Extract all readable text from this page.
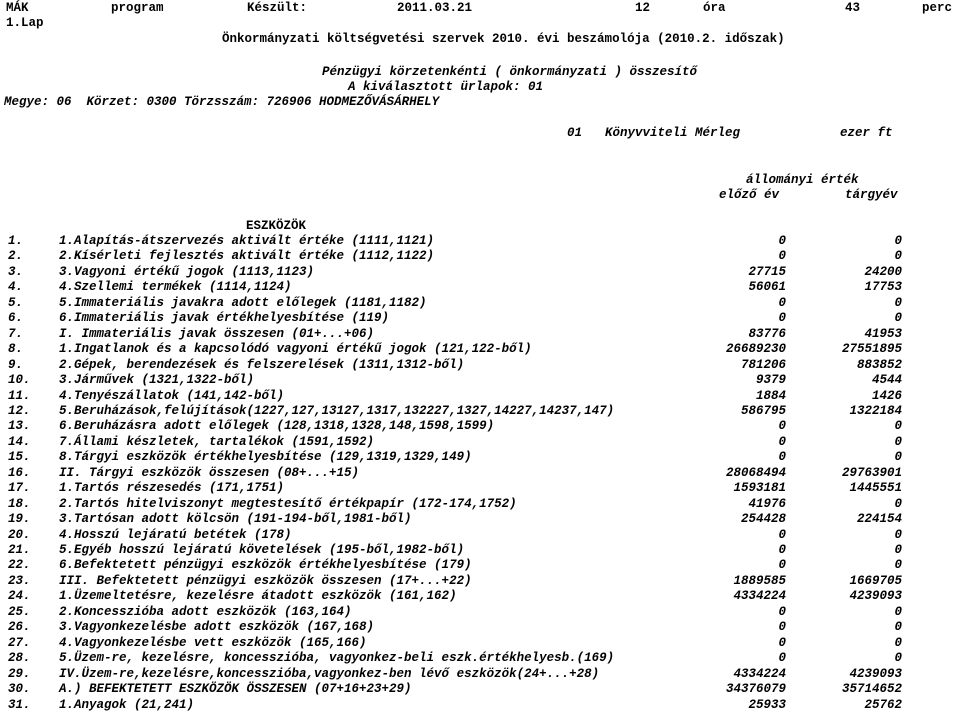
MÁK	program	Készült:	2011.03.21	12	óra	43	perc
1.Lap
Önkormányzati költségvetési szervek 2010. évi beszámolója (2010.2. időszak)
Pénzügyi körzetenkénti ( önkormányzati ) összesítő
A kiválasztott ürlapok: 01
Megye: 06  Körzet: 0300 Törzsszám: 726906 HODMEZŐVÁSÁRHELY
01 Könyvviteli Mérleg	ezer ft
állományi érték
előző év	tárgyév
ESZKÖZÖK
1.	1.Alapítás-átszervezés aktivált értéke (1111,1121)	0	0
2.	2.Kísérleti fejlesztés aktivált értéke (1112,1122)	0	0
3.	3.Vagyoni értékű jogok (1113,1123)	27715	24200
4.	4.Szellemi termékek (1114,1124)	56061	17753
5.	5.Immateriális javakra adott előlegek (1181,1182)	0	0
6.	6.Immateriális javak értékhelyesbítése (119)	0	0
7.	I. Immateriális javak összesen (01+...+06)	83776	41953
8.	1.Ingatlanok és a kapcsolódó vagyoni értékű jogok (121,122-ből)	26689230	27551895
9.	2.Gépek, berendezések és felszerelések (1311,1312-ből)	781206	883852
10. 3.Járművek (1321,1322-ből)	9379	4544
11. 4.Tenyészállatok (141,142-ből)	1884	1426
12. 5.Beruházások,felújítások(1227,127,13127,1317,132227,1327,14227,14237,147)	586795	1322184
13. 6.Beruházásra adott előlegek (128,1318,1328,148,1598,1599)	0	0
14. 7.Állami készletek, tartalékok (1591,1592)	0	0
15. 8.Tárgyi eszközök értékhelyesbítése (129,1319,1329,149)	0	0
16. II. Tárgyi eszközök összesen (08+...+15)	28068494	29763901
17. 1.Tartós részesedés (171,1751)	1593181	1445551
18. 2.Tartós hitelviszonyt megtestesítő értékpapír (172-174,1752)	41976	0
19. 3.Tartósan adott kölcsön (191-194-ből,1981-ből)	254428	224154
20. 4.Hosszú lejáratú betétek (178)	0	0
21. 5.Egyéb hosszú lejáratú követelések (195-ből,1982-ből)	0	0
22. 6.Befektetett pénzügyi eszközök értékhelyesbítése (179)	0	0
23. III. Befektetett pénzügyi eszközök összesen (17+...+22)	1889585	1669705
24. 1.Üzemeltetésre, kezelésre átadott eszközök (161,162)	4334224	4239093
25. 2.Koncesszióba adott eszközök (163,164)	0	0
26. 3.Vagyonkezelésbe adott eszközök (167,168)	0	0
27. 4.Vagyonkezelésbe vett eszközök (165,166)	0	0
28. 5.Üzem-re, kezelésre, koncesszióba, vagyonkez-beli eszk.értékhelyesb.(169)	0	0
29. IV.Üzem-re,kezelésre,koncesszióba,vagyonkez-ben lévő eszközök(24+...+28)	4334224	4239093
30. A.) BEFEKTETETT ESZKÖZÖK ÖSSZESEN (07+16+23+29)	34376079	35714652
31. 1.Anyagok (21,241)	25933	25762
